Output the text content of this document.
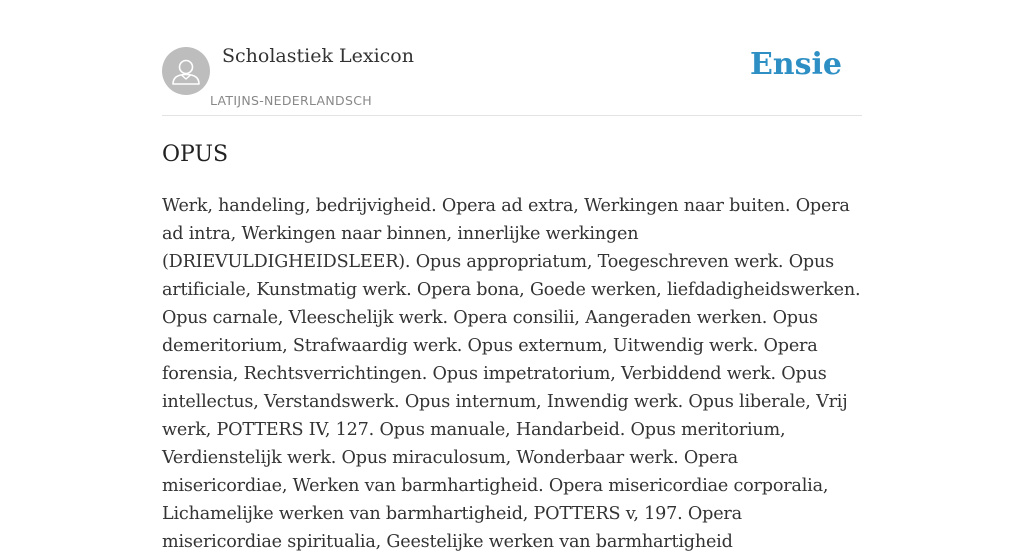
Scholastiek Lexicon
LATIJNS-NEDERLANDSCH
Ensie
OPUS

Werk, handeling, bedrijvigheid. Opera ad extra, Werkingen naar buiten. Opera ad intra, Werkingen naar binnen, innerlijke werkingen (DRIEVULDIGHEIDSLEER). Opus appropriatum, Toegeschreven werk. Opus artificiale, Kunstmatig werk. Opera bona, Goede werken, liefdadigheidswerken. Opus carnale, Vleeschelijk werk. Opera consilii, Aangeraden werken. Opus demeritorium, Strafwaardig werk. Opus externum, Uitwendig werk. Opera forensia, Rechtsverrichtingen. Opus impetratorium, Verbiddend werk. Opus intellectus, Verstandswerk. Opus internum, Inwendig werk. Opus liberale, Vrij werk, POTTERS IV, 127. Opus manuale, Handarbeid. Opus meritorium, Verdienstelijk werk. Opus miraculosum, Wonderbaar werk. Opera misericordiae, Werken van barmhartigheid. Opera misericordiae corporalia, Lichamelijke werken van barmhartigheid, POTTERS v, 197. Opera misericordiae spiritualia, Geestelijke werken van barmhartigheid
